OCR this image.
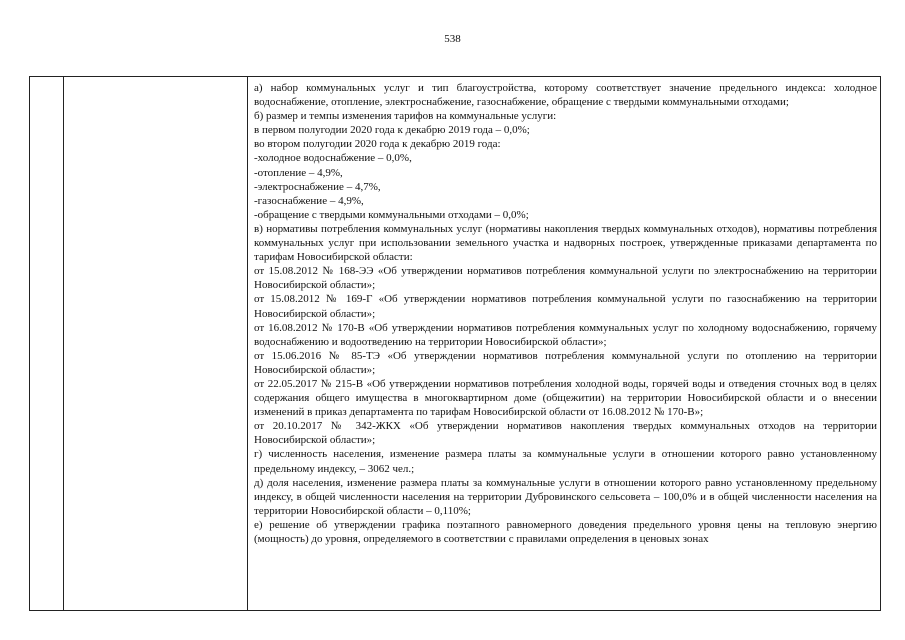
538

а) набор коммунальных услуг и тип благоустройства, которому соответствует значение предельного индекса: холодное водоснабжение, отопление, электроснабжение, газоснабжение, обращение с твердыми коммунальными отходами;

б) размер и темпы изменения тарифов на коммунальные услуги:

в первом полугодии 2020 года к декабрю 2019 года – 0,0%;

во втором полугодии 2020 года к декабрю 2019 года:

-холодное водоснабжение – 0,0%,

-отопление – 4,9%,

-электроснабжение – 4,7%,

-газоснабжение – 4,9%,

-обращение с твердыми коммунальными отходами – 0,0%;

в) нормативы потребления коммунальных услуг (нормативы накопления твердых коммунальных отходов), нормативы потребления коммунальных услуг при использовании земельного участка и надворных построек, утвержденные приказами департамента по тарифам Новосибирской области:

от 15.08.2012 № 168-ЭЭ «Об утверждении нормативов потребления коммунальной услуги по электроснабжению на территории Новосибирской области»;

от 15.08.2012 № 169-Г «Об утверждении нормативов потребления коммунальной услуги по газоснабжению на территории Новосибирской области»;

от 16.08.2012 № 170-В «Об утверждении нормативов потребления коммунальных услуг по холодному водоснабжению, горячему водоснабжению и водоотведению на территории Новосибирской области»;

от 15.06.2016 № 85-ТЭ «Об утверждении нормативов потребления коммунальной услуги по отоплению на территории Новосибирской области»;

от 22.05.2017 № 215-В «Об утверждении нормативов потребления холодной воды, горячей воды и отведения сточных вод в целях содержания общего имущества в многоквартирном доме (общежитии) на территории Новосибирской области и о внесении изменений в приказ департамента по тарифам Новосибирской области от 16.08.2012 № 170-В»;

от 20.10.2017 № 342-ЖКХ «Об утверждении нормативов накопления твердых коммунальных отходов на территории Новосибирской области»;

г) численность населения, изменение размера платы за коммунальные услуги в отношении которого равно установленному предельному индексу, – 3062 чел.;

д) доля населения, изменение размера платы за коммунальные услуги в отношении которого равно установленному предельному индексу, в общей численности населения на территории Дубровинского сельсовета – 100,0% и в общей численности населения на территории Новосибирской области – 0,110%;

е) решение об утверждении графика поэтапного равномерного доведения предельного уровня цены на тепловую энергию (мощность) до уровня, определяемого в соответствии с правилами определения в ценовых зонах
